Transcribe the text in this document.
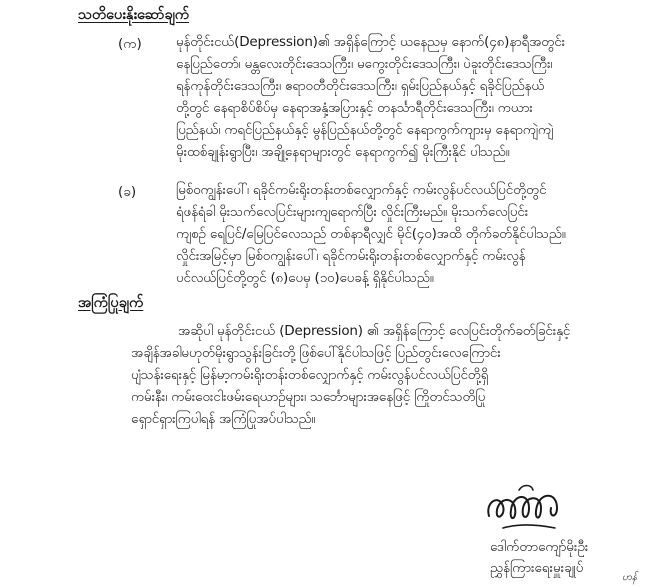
သတိပေးနိုးဆော်ချက်
(က)	မုန်တိုင်းငယ်(Depression)၏ အရှိန်ကြောင့် ယနေညမှ နောက်(၄၈)နာရီအတွင်း
နေပြည်တော်၊ မန္တလေးတိုင်းဒေသကြီး၊ မကွေးတိုင်းဒေသကြီး၊ ပဲခူးတိုင်းဒေသကြီး၊
ရန်ကုန်တိုင်းဒေသကြီး၊ ဧရာဝတီတိုင်းဒေသကြီး၊ ရှမ်းပြည်နယ်နှင့် ရခိုင်ပြည်နယ်
တို့တွင် နေရာစိပ်စိပ်မှ နေရာအနှံ့အပြားနှင့် တနင်္သာရီတိုင်းဒေသကြီး၊ ကယား
ပြည်နယ်၊ ကရင်ပြည်နယ်နှင့် မွန်ပြည်နယ်တို့တွင် နေရာကွက်ကျားမှ နေရာကျဲကျဲ
မိုးထစ်ချုန်းရွာပြီး၊ အချို့နေရာများတွင် နေရာကွက်၍ မိုးကြီးနိုင် ပါသည်။
(ခ)	မြစ်ဝကျွန်းပေါ်၊ ရခိုင်ကမ်းရိုးတန်းတစ်လျှောက်နှင့် ကမ်းလွန်ပင်လယ်ပြင်တို့တွင်
ရံဖန်ရံခါ မိုးသက်လေပြင်းများကျရောက်ပြီး လှိုင်းကြီးမည်။ မိုးသက်လေပြင်း
ကျစဉ် ရေပြင်/မြေပြင်လေသည် တစ်နာရီလျှင် မိုင်(၄၀)အထိ တိုက်ခတ်နိုင်ပါသည်။
လှိုင်းအမြင့်မှာ မြစ်ဝကျွန်းပေါ်၊ ရခိုင်ကမ်းရိုးတန်းတစ်လျှောက်နှင့် ကမ်းလွန်
ပင်လယ်ပြင်တို့တွင် (၈)ပေမှ (၁၀)ပေခန့် ရှိနိုင်ပါသည်။
အကြံပြုချက်
အဆိုပါ မုန်တိုင်းငယ် (Depression) ၏ အရှိန်ကြောင့် လေပြင်းတိုက်ခတ်ခြင်းနှင့်
အချိန်အခါမဟုတ်မိုးရွာသွန်းခြင်းတို့ ဖြစ်ပေါ်နိုင်ပါသဖြင့် ပြည်တွင်းလေကြောင်း
ပျံသန်းရေးနှင့် မြန်မာ့ကမ်းရိုးတန်းတစ်လျှောက်နှင့် ကမ်းလွန်ပင်လယ်ပြင်တို့ရှိ
ကမ်းနီး၊ ကမ်းဝေးငါးဖမ်းရေယာဉ်များ၊ သင်္ဘောများအနေဖြင့် ကြိုတင်သတိပြု
ရှောင်ရှားကြပါရန် အကြံပြုအပ်ပါသည်။
ဒေါက်တာကျော်မိုးဦး
ညွှန်ကြားရေးမှူးချုပ်
ဟန်
